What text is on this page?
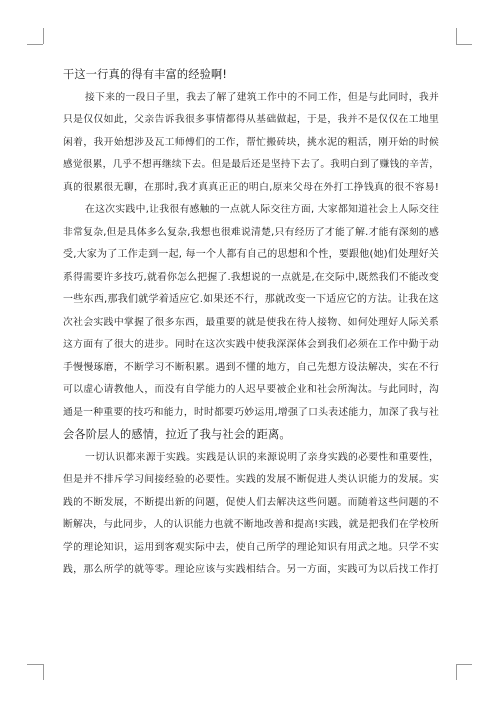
干这一行真的得有丰富的经验啊!
接下来的一段日子里，我去了解了建筑工作中的不同工作，但是与此同时，我并
只是仅仅如此，父亲告诉我很多事情都得从基础做起，于是，我并不是仅仅在工地里
闲着，我开始想涉及瓦工师傅们的工作，帮忙搬砖块，挑水泥的粗活，刚开始的时候
感觉很累，几乎不想再继续下去。但是最后还是坚持下去了。我明白到了赚钱的辛苦，
真的很累很无聊，在那时,我才真真正正的明白,原来父母在外打工挣钱真的很不容易!
在这次实践中,让我很有感触的一点就人际交往方面, 大家都知道社会上人际交往
非常复杂,但是具体多么复杂,我想也很难说清楚,只有经历了才能了解.才能有深刻的感
受,大家为了工作走到一起, 每一个人都有自己的思想和个性，要跟他(她)们处理好关
系得需要许多技巧,就看你怎么把握了.我想说的一点就是,在交际中,既然我们不能改变
一些东西,那我们就学着适应它.如果还不行，那就改变一下适应它的方法。让我在这
次社会实践中掌握了很多东西，最重要的就是使我在待人接物、如何处理好人际关系
这方面有了很大的进步。同时在这次实践中使我深深体会到我们必须在工作中勤于动
手慢慢琢磨，不断学习不断积累。遇到不懂的地方，自己先想方设法解决，实在不行
可以虚心请教他人，而没有自学能力的人迟早要被企业和社会所淘汰。与此同时，沟
通是一种重要的技巧和能力，时时都要巧妙运用,增强了口头表述能力，加深了我与社
会各阶层人的感情，拉近了我与社会的距离。
一切认识都来源于实践。实践是认识的来源说明了亲身实践的必要性和重要性，
但是并不排斥学习间接经验的必要性。实践的发展不断促进人类认识能力的发展。实
践的不断发展，不断提出新的问题，促使人们去解决这些问题。而随着这些问题的不
断解决，与此同步，人的认识能力也就不断地改善和提高!实践，就是把我们在学校所
学的理论知识，运用到客观实际中去，使自己所学的理论知识有用武之地。只学不实
践，那么所学的就等零。理论应该与实践相结合。另一方面，实践可为以后找工作打
